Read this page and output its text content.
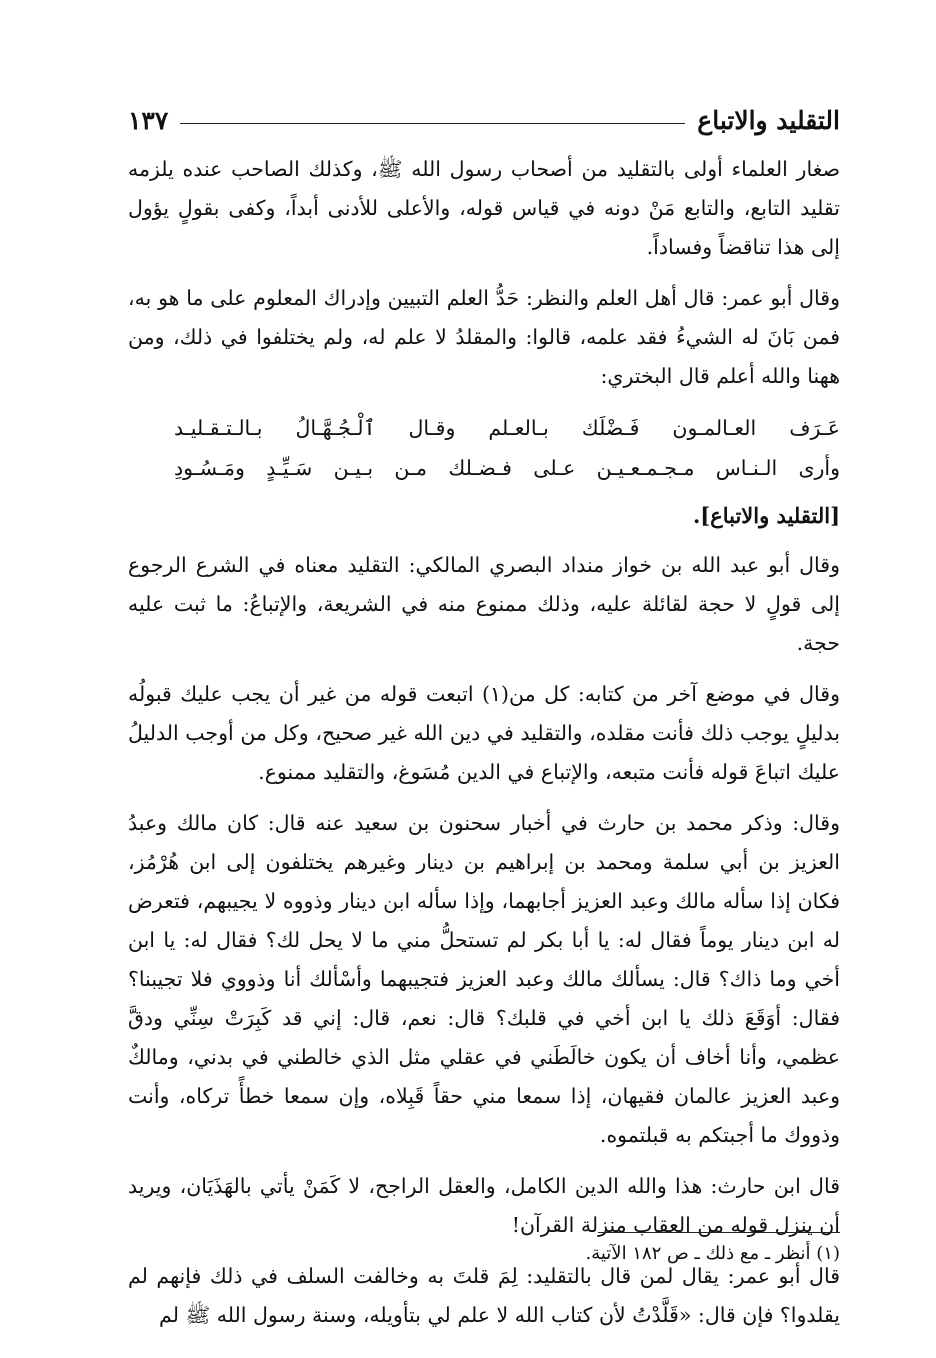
التقليد والاتباع
١٣٧

صغار العلماء أولى بالتقليد من أصحاب رسول الله ﷺ، وكذلك الصاحب عنده يلزمه تقليد التابع، والتابع مَنْ دونه في قياس قوله، والأعلى للأدنى أبداً، وكفى بقولٍ يؤول إلى هذا تناقضاً وفساداً.

وقال أبو عمر: قال أهل العلم والنظر: حَدُّ العلم التبيين وإدراك المعلوم على ما هو به، فمن بَانَ له الشيءُ فقد علمه، قالوا: والمقلدُ لا علم له، ولم يختلفوا في ذلك، ومن ههنا والله أعلم قال البختري:

عَـرَف العـالمـون فَـضْلَك بـالعـلم وقـال ٱلْـجُـهَّـالُ بـالـتـقـليـد
وأرى الـنـاس مـجـمـعـيـن عـلى فـضـلك مـن بـيـن سَـيِّـدٍ ومَـسُـودِ
[التقليد والاتباع].

وقال أبو عبد الله بن خواز منداد البصري المالكي: التقليد معناه في الشرع الرجوع إلى قولٍ لا حجة لقائلة عليه، وذلك ممنوع منه في الشريعة، والإتباعُ: ما ثبت عليه حجة.

وقال في موضع آخر من كتابه: كل من(١) اتبعت قوله من غير أن يجب عليك قبولُه بدليلٍ يوجب ذلك فأنت مقلده، والتقليد في دين الله غير صحيح، وكل من أوجب الدليلُ عليك اتباعَ قوله فأنت متبعه، والإتباع في الدين مُسَوغ، والتقليد ممنوع.

وقال: وذكر محمد بن حارث في أخبار سحنون بن سعيد عنه قال: كان مالك وعبدُ العزيز بن أبي سلمة ومحمد بن إبراهيم بن دينار وغيرهم يختلفون إلى ابن هُرْمُز، فكان إذا سأله مالك وعبد العزيز أجابهما، وإذا سأله ابن دينار وذووه لا يجيبهم، فتعرض له ابن دينار يوماً فقال له: يا أبا بكر لم تستحلُّ مني ما لا يحل لك؟ فقال له: يا ابن أخي وما ذاك؟ قال: يسألك مالك وعبد العزيز فتجيبهما وأسْألك أنا وذووي فلا تجيبنا؟ فقال: أوَقَعَ ذلك يا ابن أخي في قلبك؟ قال: نعم، قال: إني قد كَبِرَتْ سِنِّي ودقَّ عظمي، وأنا أخاف أن يكون خالَطَني في عقلي مثل الذي خالطني في بدني، ومالكٌ وعبد العزيز عالمان فقيهان، إذا سمعا مني حقاً قَبِلاه، وإن سمعا خطأً تركاه، وأنت وذووك ما أجبتكم به قبلتموه.

قال ابن حارث: هذا والله الدين الكامل، والعقل الراجح، لا كَمَنْ يأتي بالهَذَيَان، ويريد أن ينزل قوله من العقاب منزلة القرآن!

قال أبو عمر: يقال لمن قال بالتقليد: لِمَ قلتَ به وخالفت السلف في ذلك فإنهم لم يقلدوا؟ فإن قال: «قَلَّدْتُ لأن كتاب الله لا علم لي بتأويله، وسنة رسول الله ﷺ لم

(١) أنظر ـ مع ذلك ـ ص ١٨٢ الآتية.
